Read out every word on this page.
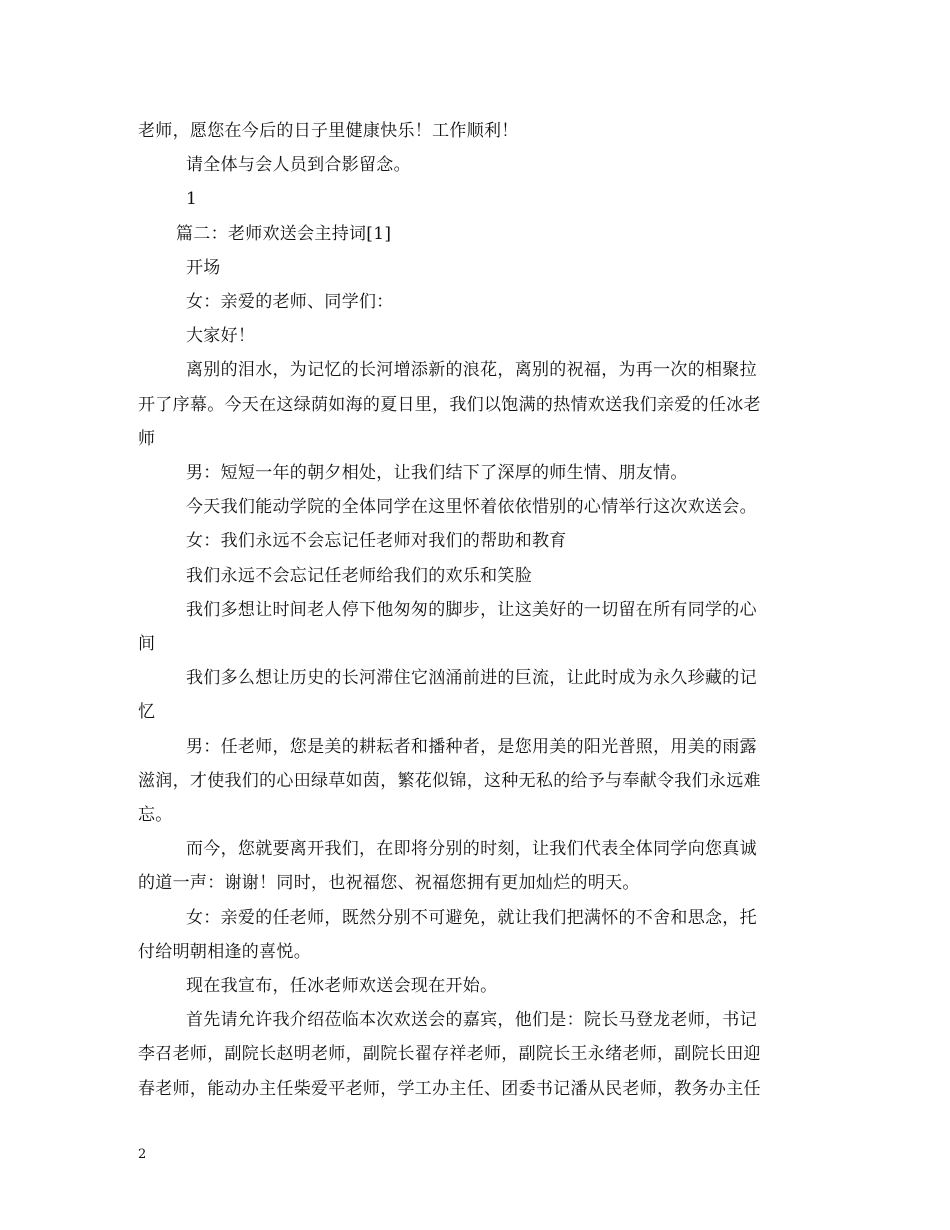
老师，愿您在今后的日子里健康快乐！工作顺利！
请全体与会人员到合影留念。
1
篇二：老师欢送会主持词[1]
开场
女：亲爱的老师、同学们：
大家好！
离别的泪水，为记忆的长河增添新的浪花，离别的祝福，为再一次的相聚拉
开了序幕。今天在这绿荫如海的夏日里，我们以饱满的热情欢送我们亲爱的任冰老
师
男：短短一年的朝夕相处，让我们结下了深厚的师生情、朋友情。
今天我们能动学院的全体同学在这里怀着依依惜别的心情举行这次欢送会。
女：我们永远不会忘记任老师对我们的帮助和教育
我们永远不会忘记任老师给我们的欢乐和笑脸
我们多想让时间老人停下他匆匆的脚步，让这美好的一切留在所有同学的心
间
我们多么想让历史的长河滞住它汹涌前进的巨流，让此时成为永久珍藏的记
忆
男：任老师，您是美的耕耘者和播种者，是您用美的阳光普照，用美的雨露
滋润，才使我们的心田绿草如茵，繁花似锦，这种无私的给予与奉献令我们永远难
忘。
而今，您就要离开我们，在即将分别的时刻，让我们代表全体同学向您真诚
的道一声：谢谢！同时，也祝福您、祝福您拥有更加灿烂的明天。
女：亲爱的任老师，既然分别不可避免，就让我们把满怀的不舍和思念，托
付给明朝相逢的喜悦。
现在我宣布，任冰老师欢送会现在开始。
首先请允许我介绍莅临本次欢送会的嘉宾，他们是：院长马登龙老师，书记
李召老师，副院长赵明老师，副院长翟存祥老师，副院长王永绪老师，副院长田迎
春老师，能动办主任柴爱平老师，学工办主任、团委书记潘从民老师，教务办主任
2
